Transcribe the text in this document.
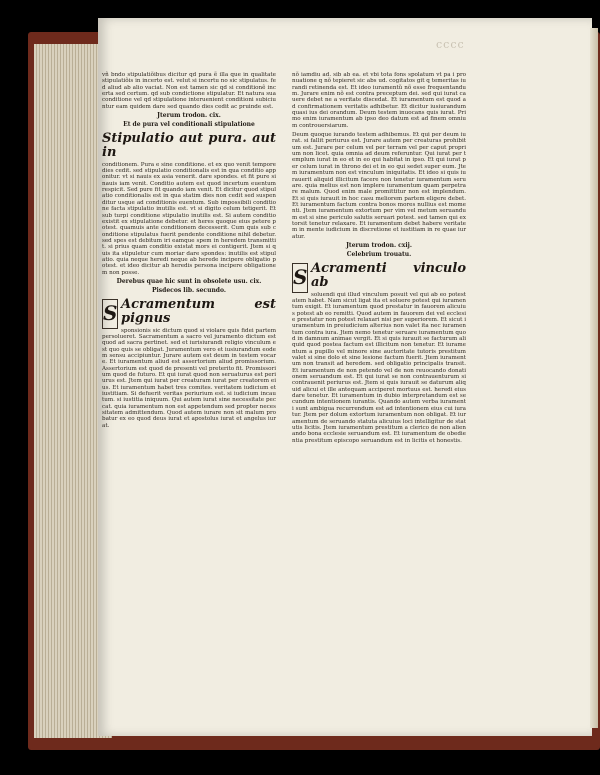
cccc
vñ bndo stipulatiõibus dicitur qd pura ẽ illa que in qualitate stipulatiõis in incerto est. velut si incertu no sic stipulatus. fed aliud ab alio vaciat. Non est tamen sic qd si conditionẽ incerta sed certum. qd sub condictione stipulatur. Et natura sua conditione vel qd stipulatione interuenient conditioni subiciuntur eam quidem dare sed quando dies cedit ac pruinde est.
Jterum trodon. cix.
Et de pura vel conditionali stipulatione
Stipulatio aut pura. aut in
conditionem. Pura e sine conditione. et ex quo venit tempore dies cedit. sed stipulatio conditionalis est in qua conditio apponitur. vt si nauis ex asia venerit. dare spondes. et fit pure si nauis iam venit. Conditio autem est quod incertum euentum respicit. Sed pure fit quando iam venit. Et dicitur quod stipulatio conditionalis est in qua statim dies non cedit sed suspenditur usque ad conditionis euentum. Sub impossibili conditione facta stipulatio inutilis est. vt si digito celum tetigerit. Et sub turpi conditione stipulatio inutilis est. Si autem conditio existit ex stipulatione debetur. et heres quoque eius petere potest. quamuis ante conditionem decesserit. Cum quis sub conditione stipulatus fuerit pendente conditione nihil debetur. sed spes est debitum iri eamque spem in heredem transmittit. si prius quam conditio existat mors ei contigerit. Jtem si quis ita stipuletur cum moriar dare spondes: inutilis est stipulatio. quia neque heredi neque ab herede incipere obligatio potest. et ideo dicitur ab heredis persona incipere obligationem non posse.
Derebus quae hic sunt in obsolete usu. cix.
Pisdecos lib. secundo.
S Acramentum est pignus
sponsionis sic dictum quod si violare quis fidei partem persolueret. Sacramentum a sacro vel juramento dictum est quod ad sacra pertinet. sed et iurisiurandi religio vinculum est quo quis se obligat. Juramentum vero et iusiurandum eodem sensu accipiuntur. Jurare autem est deum in testem vocare. Et iuramentum aliud est assertorium aliud promissorium. Assertorium est quod de presenti vel preterito fit. Promissorium quod de futuro. Et qui iurat quod non seruaturus est periurus est. Jtem qui iurat per creaturam iurat per creatorem eius. Et iuramentum habet tres comites. veritatem iudicium et iustitiam. Si defuerit veritas periurium est. si iudicium incautum. si iustitia iniquum. Qui autem iurat sine necessitate peccat. quia iuramentum non est appetendum sed propter necessitatem admittendum. Quod autem iurare non sit malum probatur ex eo quod deus iurat et apostolus iurat et angelus iurat.
nõ iamdiu ad. sib ab ea. et vbi tota fons spolatum vt pa i pronuatione q nõ tepieret sic abs ud. cogitatos git q temeritas iurandi retinenda est. Et ideo iuramentũ nõ esse frequentandum. Jurare enim nõ est contra preceptum dei. sed qui iurat cauere debet ne a veritate discedat. Et iuramentum est quod ad confirmationem veritatis adhibetur. Et dicitur iusiurandum quasi ius dei orandum. Deum testem inuocans quis iurat. Primo enim iuramentum ab ipso deo datum est ad finem omnium controuersiarum.
Deum quoque iurando testem adhibemus. Et qui per deum iurat. si fallit periurus est. Jurare autem per creaturas prohibitum est. Jurare per celum vel per terram vel per caput proprium non licet. quia omnia ad deum referuntur. Qui iurat per templum iurat in eo et in eo qui habitat in ipso. Et qui iurat per celum iurat in throno dei et in eo qui sedet super eum. Jtem iuramentum non est vinculum iniquitatis. Et ideo si quis iurauerit aliquid illicitum facere non tenetur iuramentum seruare. quia melius est non implere iuramentum quam perpetrare malum. Quod enim male promittitur non est implendum. Et si quis iurauit in hoc casu meliorem partem eligere debet. Et iuramentum factum contra bonos mores nullius est momenti. Jtem iuramentum extortum per vim vel metum seruandum est si sine periculo salutis seruari potest. sed tamen qui extorsit tenetur relaxare. Et iuramentum debet habere veritatem in mente iudicium in discretione et iustitiam in re quae iuratur.
Jterum trodon. cxij.
Celebrium trouatu.
S Acramenti vinculo ab
soluendi qui illud vinculum posuit vel qui ab eo potestatem habet. Nam sicut ligat ita et soluere potest qui iuramentum exigit. Et iuramentum quod prestatur in fauorem alicuius potest ab eo remitti. Quod autem in fauorem dei vel ecclesie prestatur non potest relaxari nisi per superiorem. Et sicut iuramentum in preiudicium alterius non valet ita nec iuramentum contra iura. Jtem nemo tenetur seruare iuramentum quod in damnum animae vergit. Et si quis iurauit se facturum aliquid quod postea factum est illicitum non tenetur. Et iuramentum a pupillo vel minore sine auctoritate tutoris prestitum valet si sine dolo et sine lesione factum fuerit. Jtem iuramentum non transit ad heredem. sed obligatio principalis transit. Et iuramentum de non petendo vel de non reuocando donationem seruandum est. Et qui iurat se non contrauenturum si contrauenit periurus est. Jtem si quis iurauit se daturum aliquid alicui et ille antequam acciperet mortuus est. heredi eius dare tenetur. Et iuramentum in dubio interpretandum est secundum intentionem iurantis. Quando autem verba iuramenti sunt ambigua recurrendum est ad intentionem eius cui iuratur. Jtem per dolum extortum iuramentum non obligat. Et iuramentum de seruando statuta alicuius loci intelligitur de statutis licitis. Jtem iuramentum prestitum a clerico de non alienando bona ecclesie seruandum est. Et iuramentum de obedientia prestitum episcopo seruandum est in licitis et honestis.
